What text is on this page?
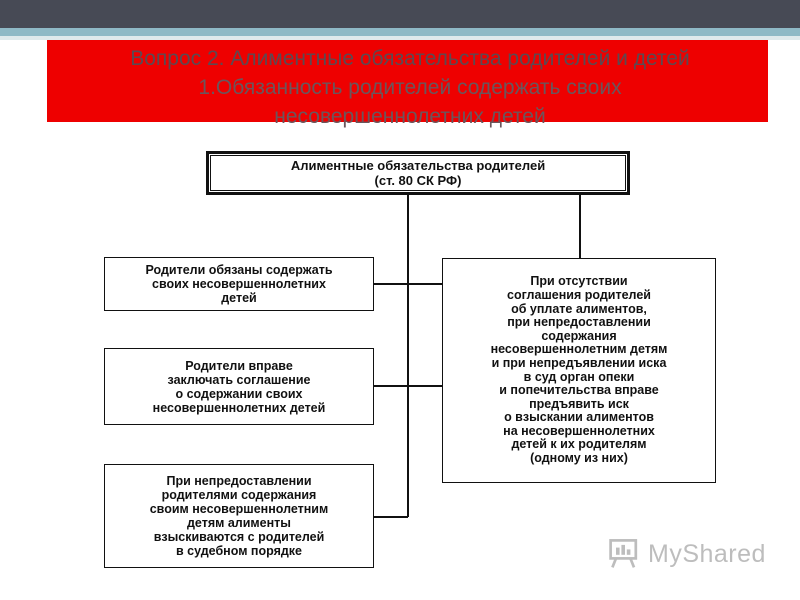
Вопрос 2. Алиментные обязательства родителей и детей
1.Обязанность родителей содержать своих
несовершеннолетних детей
Алиментные обязательства родителей
(ст. 80 СК РФ)
Родители обязаны содержать
своих несовершеннолетних
детей
Родители вправе
заключать соглашение
о содержании своих
несовершеннолетних детей
При непредоставлении
родителями содержания
своим несовершеннолетним
детям алименты
взыскиваются с родителей
в судебном порядке
При отсутствии
соглашения родителей
об уплате алиментов,
при непредоставлении
содержания
несовершеннолетним детям
и при непредъявлении иска
в суд орган опеки
и попечительства вправе
предъявить иск
о взыскании алиментов
на несовершеннолетних
детей к их родителям
(одному из них)
MyShared
